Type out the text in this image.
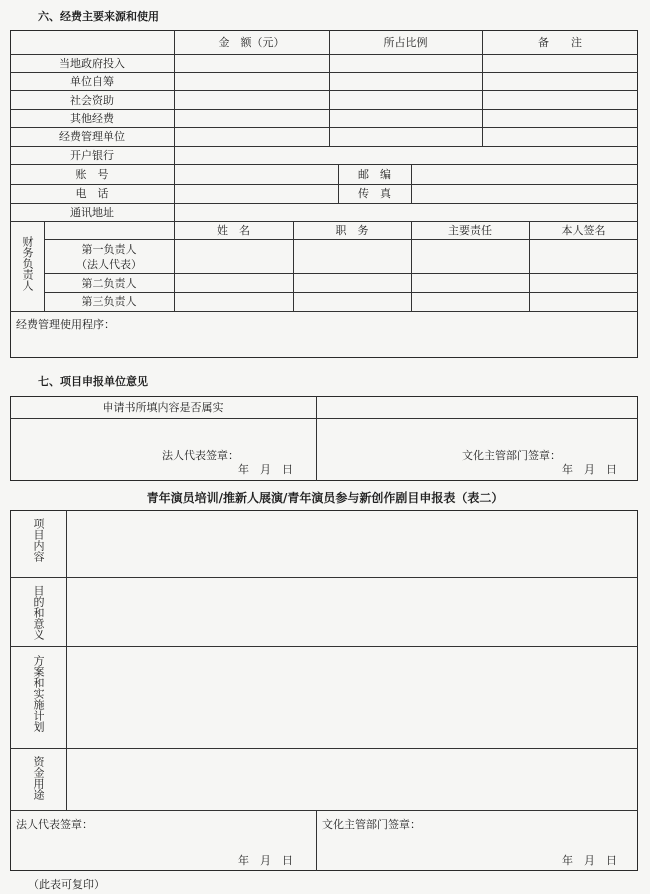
六、经费主要来源和使用
金　额（元）	所占比例	备　　注
当地政府投入
单位自筹
社会资助
其他经费
经费管理单位
开户银行
账　号	邮　编
电　话	传　真
通讯地址
财务负责人
姓　名	职　务	主要责任	本人签名
第一负责人
（法人代表）
第二负责人
第三负责人
经费管理使用程序：
七、项目申报单位意见
申请书所填内容是否属实
法人代表签章：
年　月　日
文化主管部门签章：
年　月　日
青年演员培训/推新人展演/青年演员参与新创作剧目申报表（表二）
项目内容
目的和意义
方案和实施计划
资金用途
法人代表签章：
年　月　日
文化主管部门签章：
年　月　日
（此表可复印）
